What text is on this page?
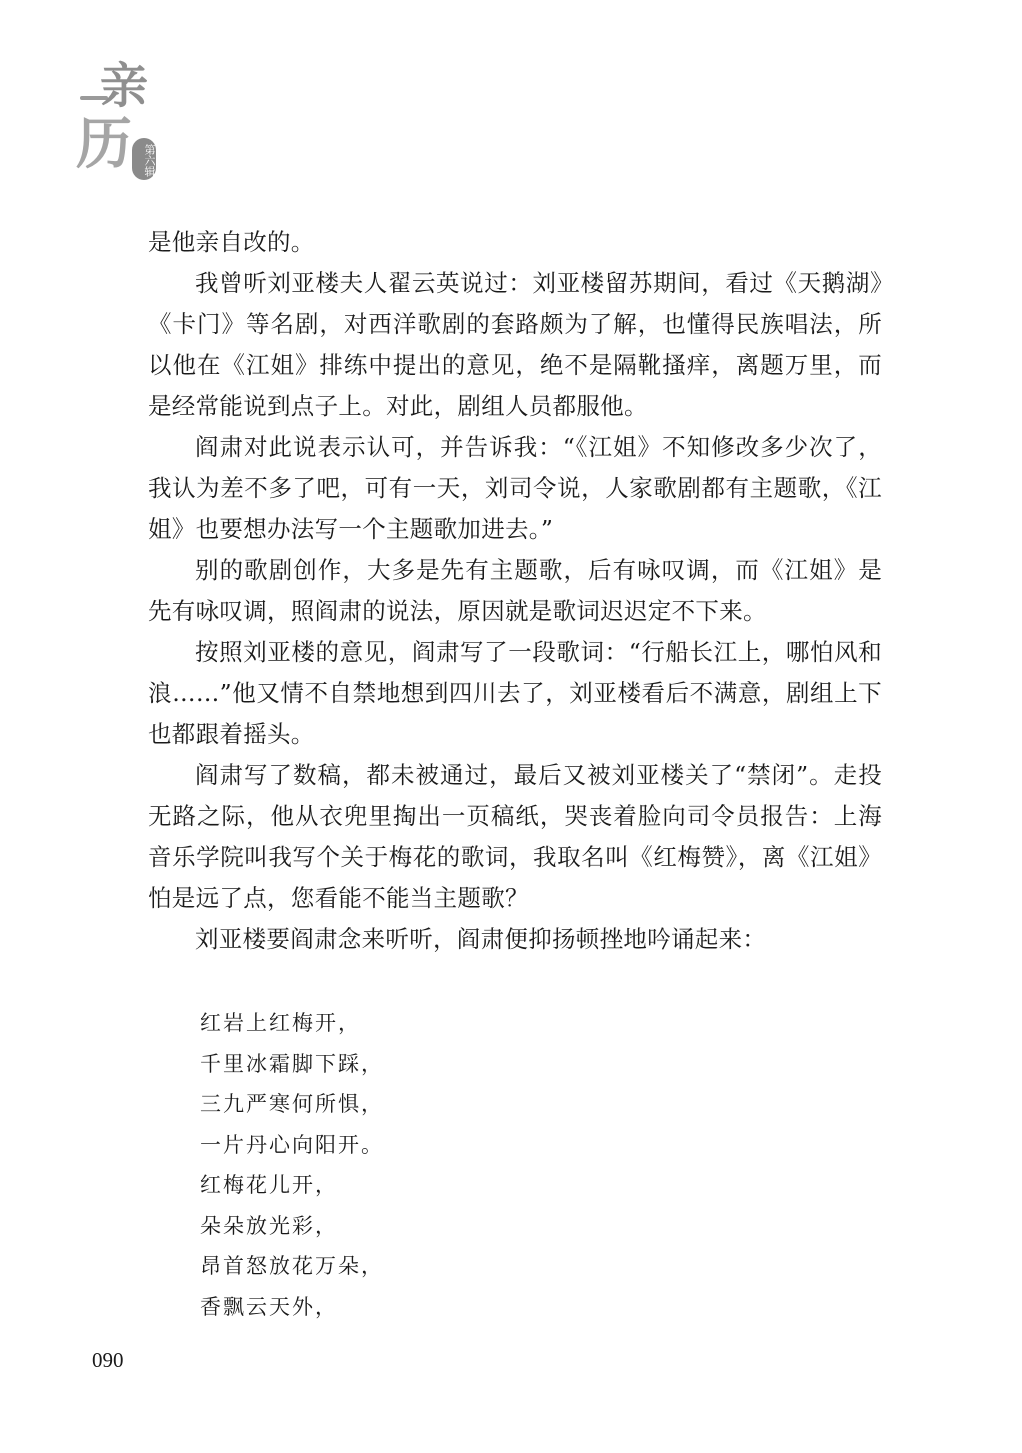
亲
历	第六辑

是他亲自改的。

我曾听刘亚楼夫人翟云英说过：刘亚楼留苏期间，看过《天鹅湖》《卡门》等名剧，对西洋歌剧的套路颇为了解，也懂得民族唱法，所以他在《江姐》排练中提出的意见，绝不是隔靴搔痒，离题万里，而是经常能说到点子上。对此，剧组人员都服他。

阎肃对此说表示认可，并告诉我：“《江姐》不知修改多少次了，我认为差不多了吧，可有一天，刘司令说，人家歌剧都有主题歌，《江姐》也要想办法写一个主题歌加进去。”

别的歌剧创作，大多是先有主题歌，后有咏叹调，而《江姐》是先有咏叹调，照阎肃的说法，原因就是歌词迟迟定不下来。

按照刘亚楼的意见，阎肃写了一段歌词：“行船长江上，哪怕风和浪……”他又情不自禁地想到四川去了，刘亚楼看后不满意，剧组上下也都跟着摇头。

阎肃写了数稿，都未被通过，最后又被刘亚楼关了“禁闭”。走投无路之际，他从衣兜里掏出一页稿纸，哭丧着脸向司令员报告：上海音乐学院叫我写个关于梅花的歌词，我取名叫《红梅赞》，离《江姐》怕是远了点，您看能不能当主题歌？

刘亚楼要阎肃念来听听，阎肃便抑扬顿挫地吟诵起来：

红岩上红梅开，
千里冰霜脚下踩，
三九严寒何所惧，
一片丹心向阳开。
红梅花儿开，
朵朵放光彩，
昂首怒放花万朵，
香飘云天外，
090
